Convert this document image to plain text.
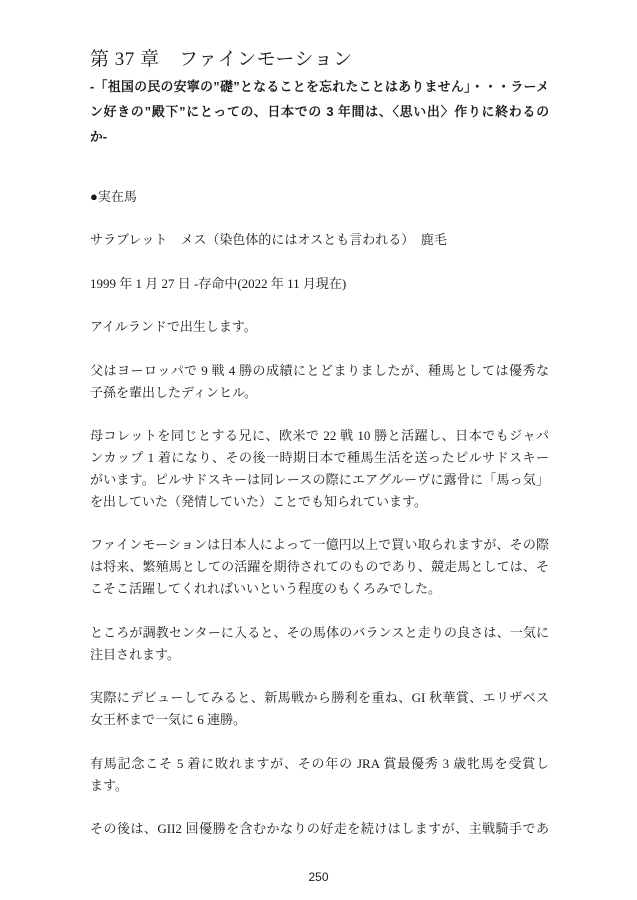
第 37 章　ファインモーション
-「祖国の民の安寧の”礎”となることを忘れたことはありません」・・・ラーメ
ン好きの”殿下”にとっての、日本での 3 年間は、〈思い出〉作りに終わるの
か-

●実在馬

サラブレット　メス（染色体的にはオスとも言われる）　鹿毛

1999 年 1 月 27 日 -存命中(2022 年 11 月現在)

アイルランドで出生します。

父はヨーロッパで 9 戦 4 勝の成績にとどまりましたが、種馬としては優秀な
子孫を輩出したディンヒル。

母コレットを同じとする兄に、欧米で 22 戦 10 勝と活躍し、日本でもジャパ
ンカップ 1 着になり、その後一時期日本で種馬生活を送ったピルサドスキー
がいます。ピルサドスキーは同レースの際にエアグルーヴに露骨に「馬っ気」
を出していた（発情していた）ことでも知られています。

ファインモーションは日本人によって一億円以上で買い取られますが、その際
は将来、繁殖馬としての活躍を期待されてのものであり、競走馬としては、そ
こそこ活躍してくれればいいという程度のもくろみでした。

ところが調教センターに入ると、その馬体のバランスと走りの良さは、一気に
注目されます。

実際にデビューしてみると、新馬戦から勝利を重ね、GI 秋華賞、エリザベス
女王杯まで一気に 6 連勝。

有馬記念こそ 5 着に敗れますが、その年の JRA 賞最優秀 3 歳牝馬を受賞し
ます。

その後は、GII2 回優勝を含むかなりの好走を続けはしますが、主戦騎手であ

250
